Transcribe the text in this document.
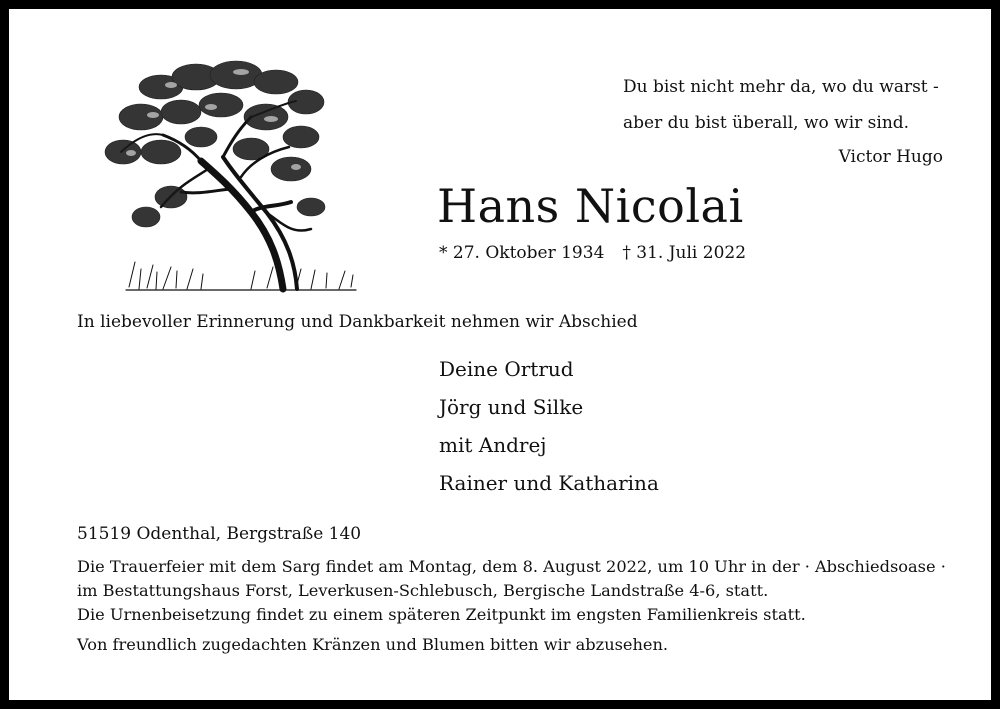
Du bist nicht mehr da, wo du warst -
aber du bist überall, wo wir sind.
Victor Hugo
Hans Nicolai
* 27. Oktober 1934 † 31. Juli 2022
In liebevoller Erinnerung und Dankbarkeit nehmen wir Abschied
Deine Ortrud
Jörg und Silke
mit Andrej
Rainer und Katharina
51519 Odenthal, Bergstraße 140
Die Trauerfeier mit dem Sarg findet am Montag, dem 8. August 2022, um 10 Uhr in der · Abschiedsoase ·
im Bestattungshaus Forst, Leverkusen-Schlebusch, Bergische Landstraße 4-6, statt.
Die Urnenbeisetzung findet zu einem späteren Zeitpunkt im engsten Familienkreis statt.
Von freundlich zugedachten Kränzen und Blumen bitten wir abzusehen.
